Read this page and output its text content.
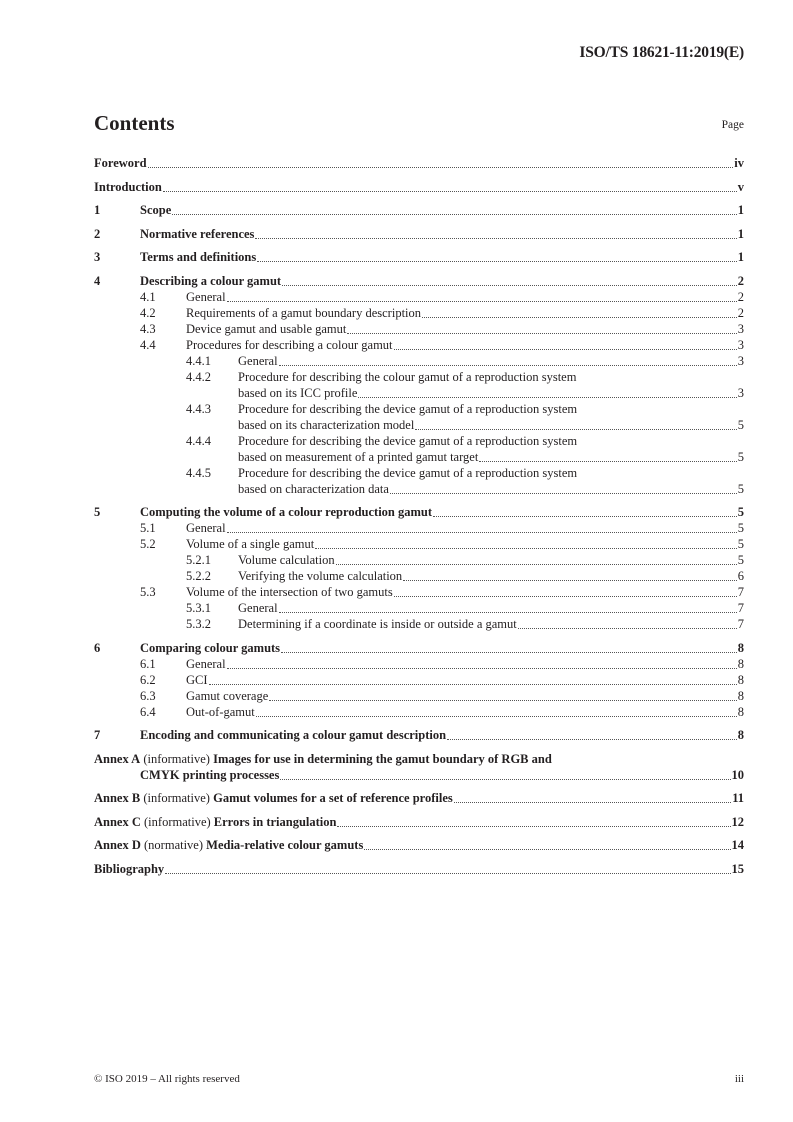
ISO/TS 18621-11:2019(E)
Contents	Page
Foreword	iv
Introduction	v
1	Scope	1
2	Normative references	1
3	Terms and definitions	1
4	Describing a colour gamut	2
4.1	General	2
4.2	Requirements of a gamut boundary description	2
4.3	Device gamut and usable gamut	3
4.4	Procedures for describing a colour gamut	3
4.4.1	General	3
4.4.2	Procedure for describing the colour gamut of a reproduction system
based on its ICC profile	3
4.4.3	Procedure for describing the device gamut of a reproduction system
based on its characterization model	5
4.4.4	Procedure for describing the device gamut of a reproduction system
based on measurement of a printed gamut target	5
4.4.5	Procedure for describing the device gamut of a reproduction system
based on characterization data	5
5	Computing the volume of a colour reproduction gamut	5
5.1	General	5
5.2	Volume of a single gamut	5
5.2.1	Volume calculation	5
5.2.2	Verifying the volume calculation	6
5.3	Volume of the intersection of two gamuts	7
5.3.1	General	7
5.3.2	Determining if a coordinate is inside or outside a gamut	7
6	Comparing colour gamuts	8
6.1	General	8
6.2	GCI	8
6.3	Gamut coverage	8
6.4	Out-of-gamut	8
7	Encoding and communicating a colour gamut description	8
Annex A (informative) Images for use in determining the gamut boundary of RGB and
CMYK printing processes	10
Annex B (informative) Gamut volumes for a set of reference profiles	11
Annex C (informative) Errors in triangulation	12
Annex D (normative) Media-relative colour gamuts	14
Bibliography	15
© ISO 2019 – All rights reserved	iii
